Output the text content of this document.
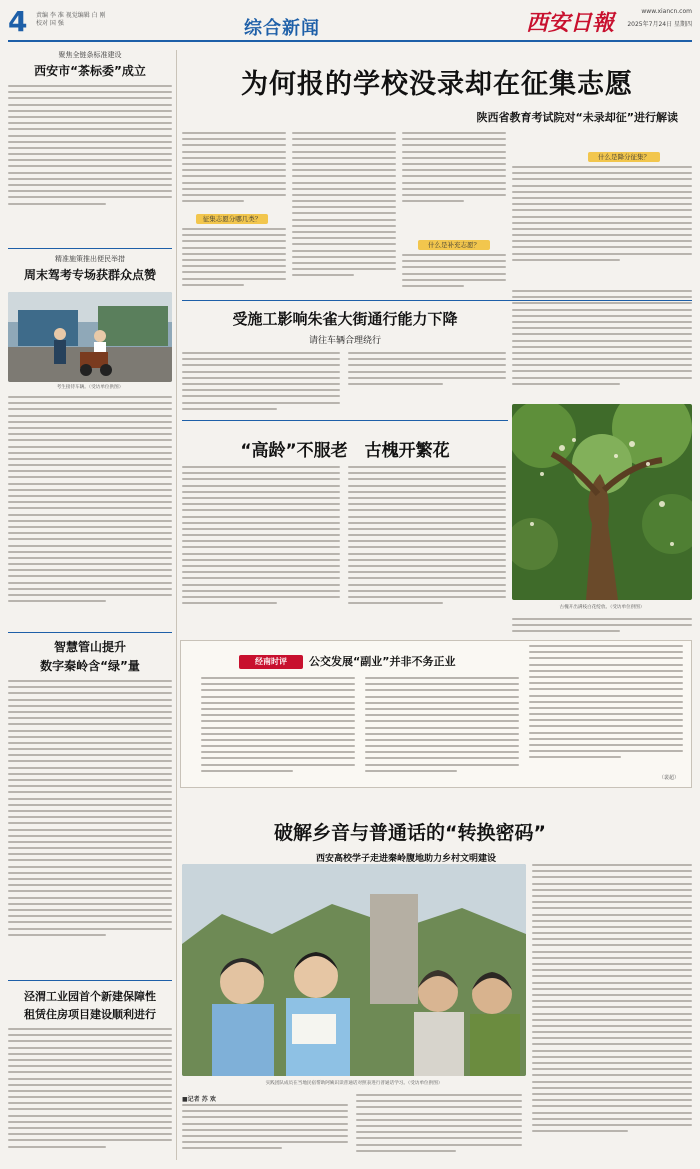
4 责编 李 准 视觉编辑 白 刚
校对 国 强	综合新闻	西安日報	www.xiancn.com
2025年7月24日 星期四
聚焦全链条标准建设
西安市“茶标委”成立
精准施策推出便民举措
周末驾考专场获群众点赞
考生接待车辆。（受访单位供图）
智慧管山提升
数字秦岭含“绿”量
泾渭工业园首个新建保障性
租赁住房项目建设顺利进行
为何报的学校没录却在征集志愿
陕西省教育考试院对“未录却征”进行解读
征集志愿分哪几类？
什么是补充志愿？
什么是降分征集？
受施工影响朱雀大街通行能力下降
请往车辆合理绕行
“高龄”不服老　古槐开繁花
古槐开出满枝白花绽放。（受访单位供图）
经南时评	公交发展“副业”并非不务正业
（裴超）
破解乡音与普通话的“转换密码”
西安高校学子走进秦岭腹地助力乡村文明建设
实践团队成员在当地民宿帮助阿姨识读普通话对照表进行普通话学习。（受访单位供图）
■记者 苏 欢
